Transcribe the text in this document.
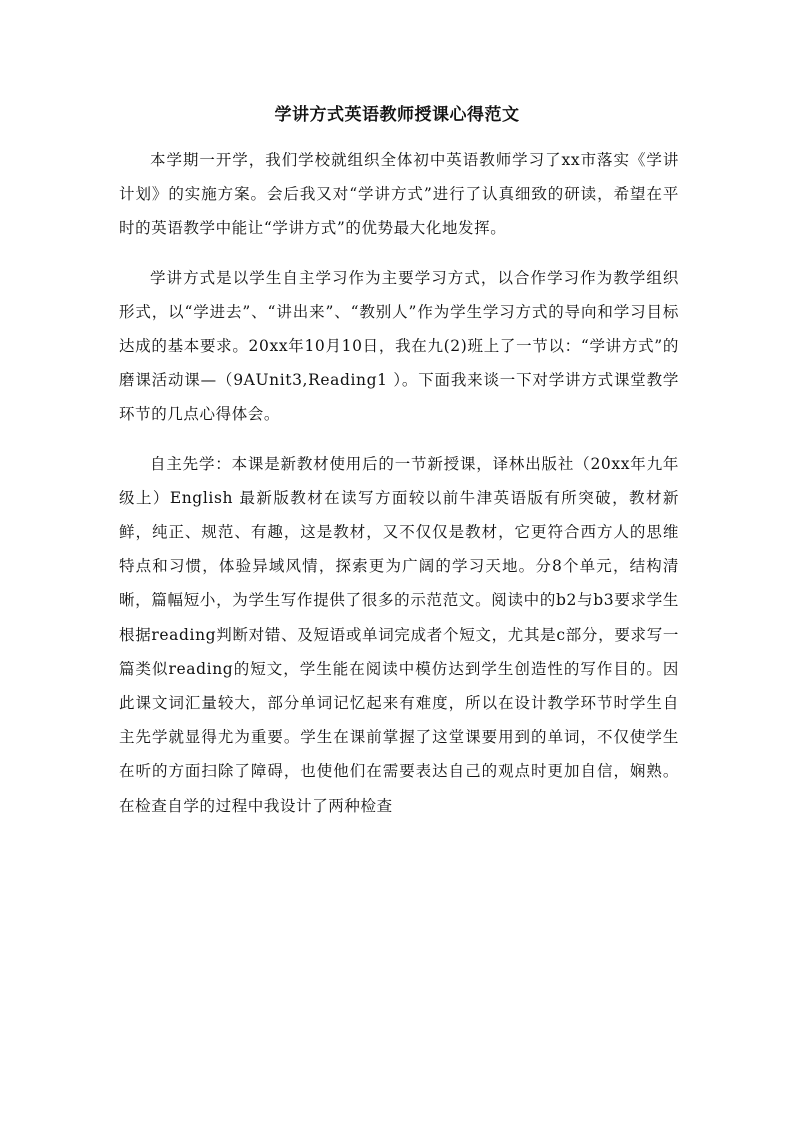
学讲方式英语教师授课心得范文

本学期一开学，我们学校就组织全体初中英语教师学习了xx市落实《学讲计划》的实施方案。会后我又对“学讲方式”进行了认真细致的研读，希望在平时的英语教学中能让“学讲方式”的优势最大化地发挥。

学讲方式是以学生自主学习作为主要学习方式，以合作学习作为教学组织形式，以“学进去”、“讲出来”、“教别人”作为学生学习方式的导向和学习目标达成的基本要求。20xx年10月10日，我在九(2)班上了一节以：“学讲方式”的磨课活动课—（9AUnit3,Reading1 ）。下面我来谈一下对学讲方式课堂教学环节的几点心得体会。

自主先学：本课是新教材使用后的一节新授课，译林出版社（20xx年九年级上）English 最新版教材在读写方面较以前牛津英语版有所突破，教材新鲜，纯正、规范、有趣，这是教材，又不仅仅是教材，它更符合西方人的思维特点和习惯，体验异域风情，探索更为广阔的学习天地。分8个单元，结构清晰，篇幅短小，为学生写作提供了很多的示范范文。阅读中的b2与b3要求学生根据reading判断对错、及短语或单词完成者个短文，尤其是c部分，要求写一篇类似reading的短文，学生能在阅读中模仿达到学生创造性的写作目的。因此课文词汇量较大，部分单词记忆起来有难度，所以在设计教学环节时学生自主先学就显得尤为重要。学生在课前掌握了这堂课要用到的单词，不仅使学生在听的方面扫除了障碍，也使他们在需要表达自己的观点时更加自信，娴熟。在检查自学的过程中我设计了两种检查
